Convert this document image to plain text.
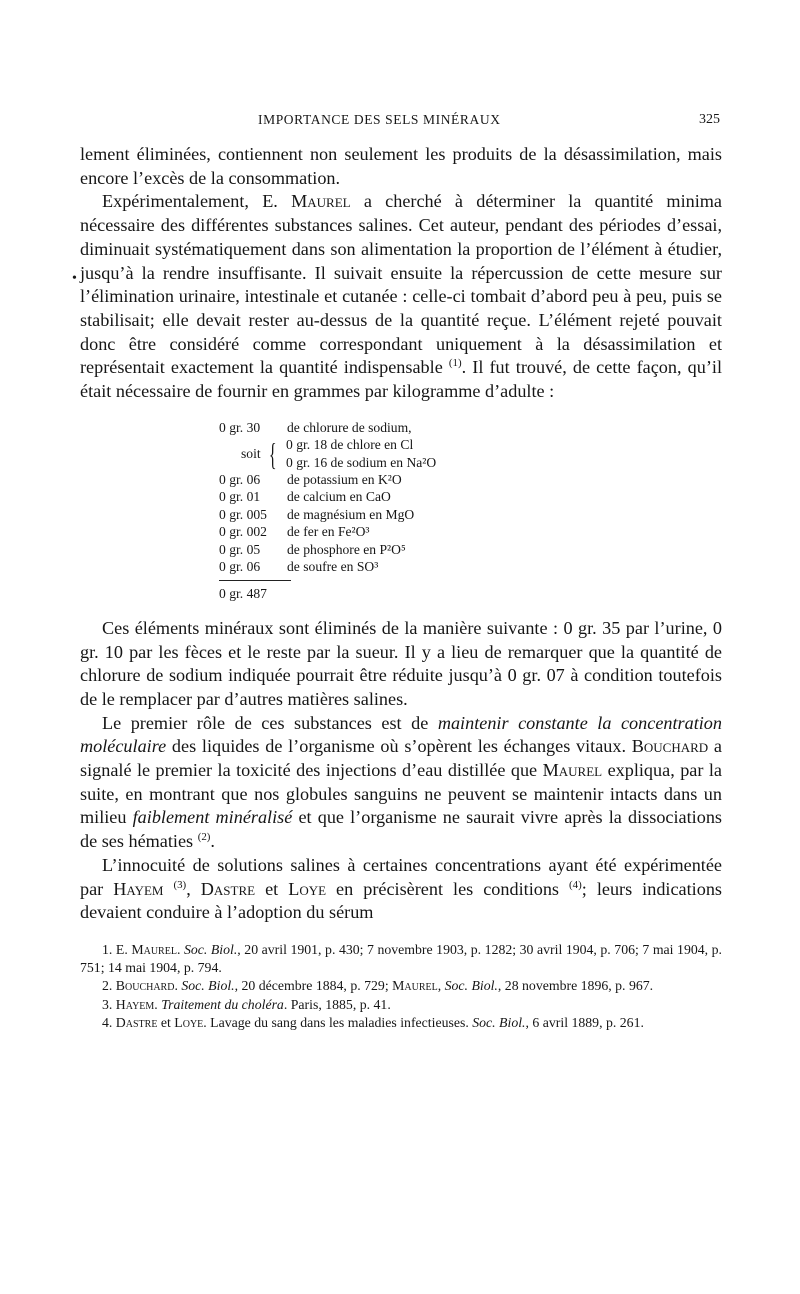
IMPORTANCE DES SELS MINÉRAUX	325
•

lement éliminées, contiennent non seulement les produits de la désassimilation, mais encore l’excès de la consommation.

Expérimentalement, E. Maurel a cherché à déterminer la quantité minima nécessaire des différentes substances salines. Cet auteur, pendant des périodes d’essai, diminuait systématiquement dans son alimentation la proportion de l’élément à étudier, jusqu’à la rendre insuffisante. Il suivait ensuite la répercussion de cette mesure sur l’élimination urinaire, intestinale et cutanée : celle-ci tombait d’abord peu à peu, puis se stabilisait; elle devait rester au-dessus de la quantité reçue. L’élément rejeté pouvait donc être considéré comme correspondant uniquement à la désassimilation et représentait exactement la quantité indispensable $^{(1)}$. Il fut trouvé, de cette façon, qu’il était nécessaire de fournir en grammes par kilogramme d’adulte :

0 gr. 30 de chlorure de sodium,
soit { 0 gr. 18 de chlore en Cl
0 gr. 16 de sodium en Na²O
0 gr. 06 de potassium en K²O
0 gr. 01 de calcium en CaO
0 gr. 005 de magnésium en MgO
0 gr. 002 de fer en Fe²O³
0 gr. 05 de phosphore en P²O⁵
0 gr. 06 de soufre en SO³
0 gr. 487

Ces éléments minéraux sont éliminés de la manière suivante : 0 gr. 35 par l’urine, 0 gr. 10 par les fèces et le reste par la sueur. Il y a lieu de remarquer que la quantité de chlorure de sodium indiquée pourrait être réduite jusqu’à 0 gr. 07 à condition toutefois de le remplacer par d’autres matières salines.

Le premier rôle de ces substances est de maintenir constante la concentration moléculaire des liquides de l’organisme où s’opèrent les échanges vitaux. Bouchard a signalé le premier la toxicité des injections d’eau distillée que Maurel expliqua, par la suite, en montrant que nos globules sanguins ne peuvent se maintenir intacts dans un milieu faiblement minéralisé et que l’organisme ne saurait vivre après la dissociations de ses hématies $^{(2)}$.

L’innocuité de solutions salines à certaines concentrations ayant été expérimentée par Hayem $^{(3)}$, Dastre et Loye en précisèrent les conditions $^{(4)}$; leurs indications devaient conduire à l’adoption du sérum

1. E. Maurel. Soc. Biol., 20 avril 1901, p. 430; 7 novembre 1903, p. 1282; 30 avril 1904, p. 706; 7 mai 1904, p. 751; 14 mai 1904, p. 794.
2. Bouchard. Soc. Biol., 20 décembre 1884, p. 729; Maurel, Soc. Biol., 28 novembre 1896, p. 967.
3. Hayem. Traitement du choléra. Paris, 1885, p. 41.
4. Dastre et Loye. Lavage du sang dans les maladies infectieuses. Soc. Biol., 6 avril 1889, p. 261.
